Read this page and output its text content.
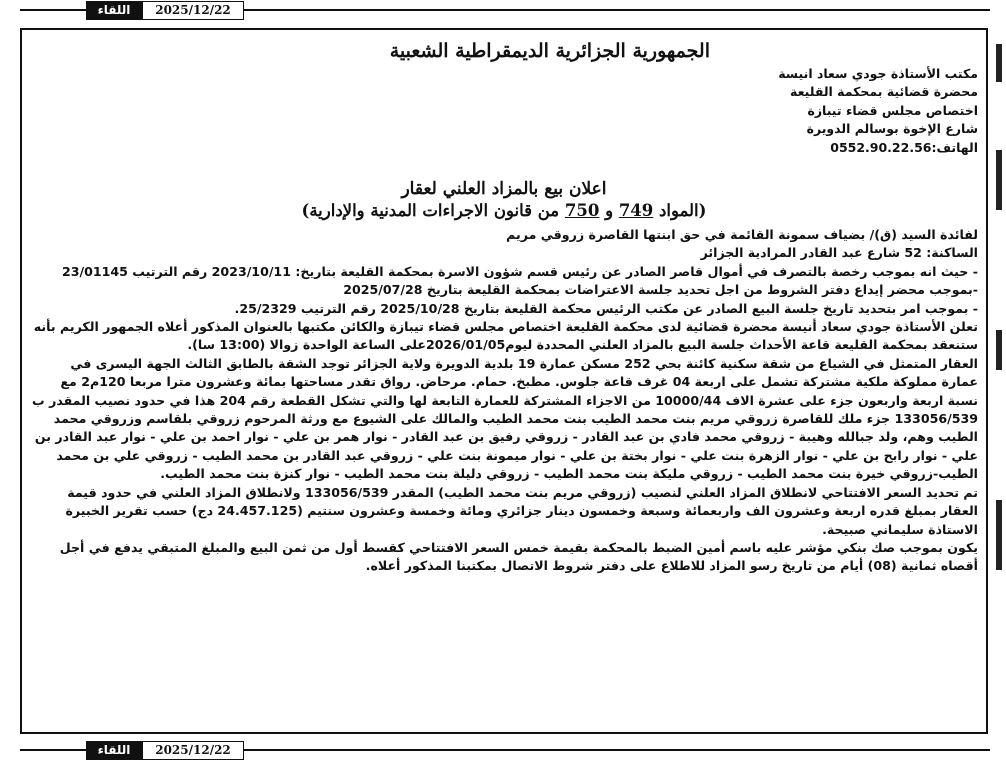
2025/12/22
اللقاء
الجمهورية الجزائرية الديمقراطية الشعبية
مكتب الأستاذة جودي سعاد انيسة
محضرة قضائية بمحكمة القليعة
اختصاص مجلس قضاء تيبازة
شارع الإخوة بوسالم الدويرة
الهاتف:0552.90.22.56
اعلان بيع بالمزاد العلني لعقار
(المواد 749 و 750 من قانون الاجراءات المدنية والإدارية)

لفائدة السيد (ق)/ بضياف سمونة القائمة في حق ابنتها القاصرة زروقي مريم

الساكنة: 52 شارع عبد القادر المرادية الجزائر

- حيث انه بموجب رخصة بالتصرف في أموال قاصر الصادر عن رئيس قسم شؤون الاسرة بمحكمة القليعة بتاريخ: 2023/10/11 رقم الترتيب 23/01145

-بموجب محضر إيداع دفتر الشروط من اجل تحديد جلسة الاعتراضات بمحكمة القليعة بتاريخ 2025/07/28

- بموجب امر بتحديد تاريخ جلسة البيع الصادر عن مكتب الرئيس محكمة القليعة بتاريخ 2025/10/28 رقم الترتيب 25/2329.

تعلن الأستاذة جودي سعاد أنيسة محضرة قضائية لدى محكمة القليعة اختصاص مجلس قضاء تيبازة والكائن مكتبها بالعنوان المذكور أعلاه الجمهور الكريم بأنه ستنعقد بمحكمة القليعة قاعة الأحداث جلسة البيع بالمزاد العلني المحددة ليوم2026/01/05على الساعة الواحدة زوالا (13:00 سا).

العقار المتمثل في الشياع من شقة سكنية كائنة بحي 252 مسكن عمارة 19 بلدية الدويرة ولاية الجزائر توجد الشقة بالطابق الثالث الجهة اليسرى في عمارة مملوكة ملكية مشتركة تشمل على اربعة 04 غرف قاعة جلوس. مطبخ. حمام. مرحاض. رواق تقدر مساحتها بمائة وعشرون مترا مربعا 120م2 مع نسبة اربعة واربعون جزء على عشرة الاف 10000/44 من الاجزاء المشتركة للعمارة التابعة لها والتي تشكل القطعة رقم 204 هذا في حدود نصيب المقدر ب 133056/539 جزء ملك للقاصرة زروقي مريم بنت محمد الطيب بنت محمد الطيب والمالك على الشيوع مع ورثة المرحوم زروقي بلقاسم وزروقي محمد الطيب وهم، ولد جبالله وهيبة - زروقي محمد فادي بن عبد القادر - زروقي رفيق بن عبد القادر - نوار همر بن علي - نوار احمد بن علي - نوار عبد القادر بن علي - نوار رابح بن علي - نوار الزهرة بنت علي - نوار بختة بن علي - نوار ميمونة بنت علي - زروقي عبد القادر بن محمد الطيب - زروقي علي بن محمد الطيب-زروقي خيرة بنت محمد الطيب - زروقي مليكة بنت محمد الطيب - زروقي دليلة بنت محمد الطيب - نوار كنزة بنت محمد الطيب.

تم تحديد السعر الافتتاحي لانطلاق المزاد العلني لنصيب (زروقي مريم بنت محمد الطيب) المقدر 133056/539 ولانطلاق المزاد العلني في حدود قيمة العقار بمبلغ قدره اربعة وعشرون الف واربعمائة وسبعة وخمسون دينار جزائري ومائة وخمسة وعشرون سنتيم (24.457.125 دج) حسب تقرير الخبيرة الاستاذة سليماني صبيحة.

يكون بموجب صك بنكي مؤشر عليه باسم أمين الضبط بالمحكمة بقيمة خمس السعر الافتتاحي كقسط أول من ثمن البيع والمبلغ المتبقي يدفع في أجل أقصاه ثمانية (08) أيام من تاريخ رسو المزاد للاطلاع على دفتر شروط الاتصال بمكتبنا المذكور أعلاه.

2025/12/22
اللقاء
